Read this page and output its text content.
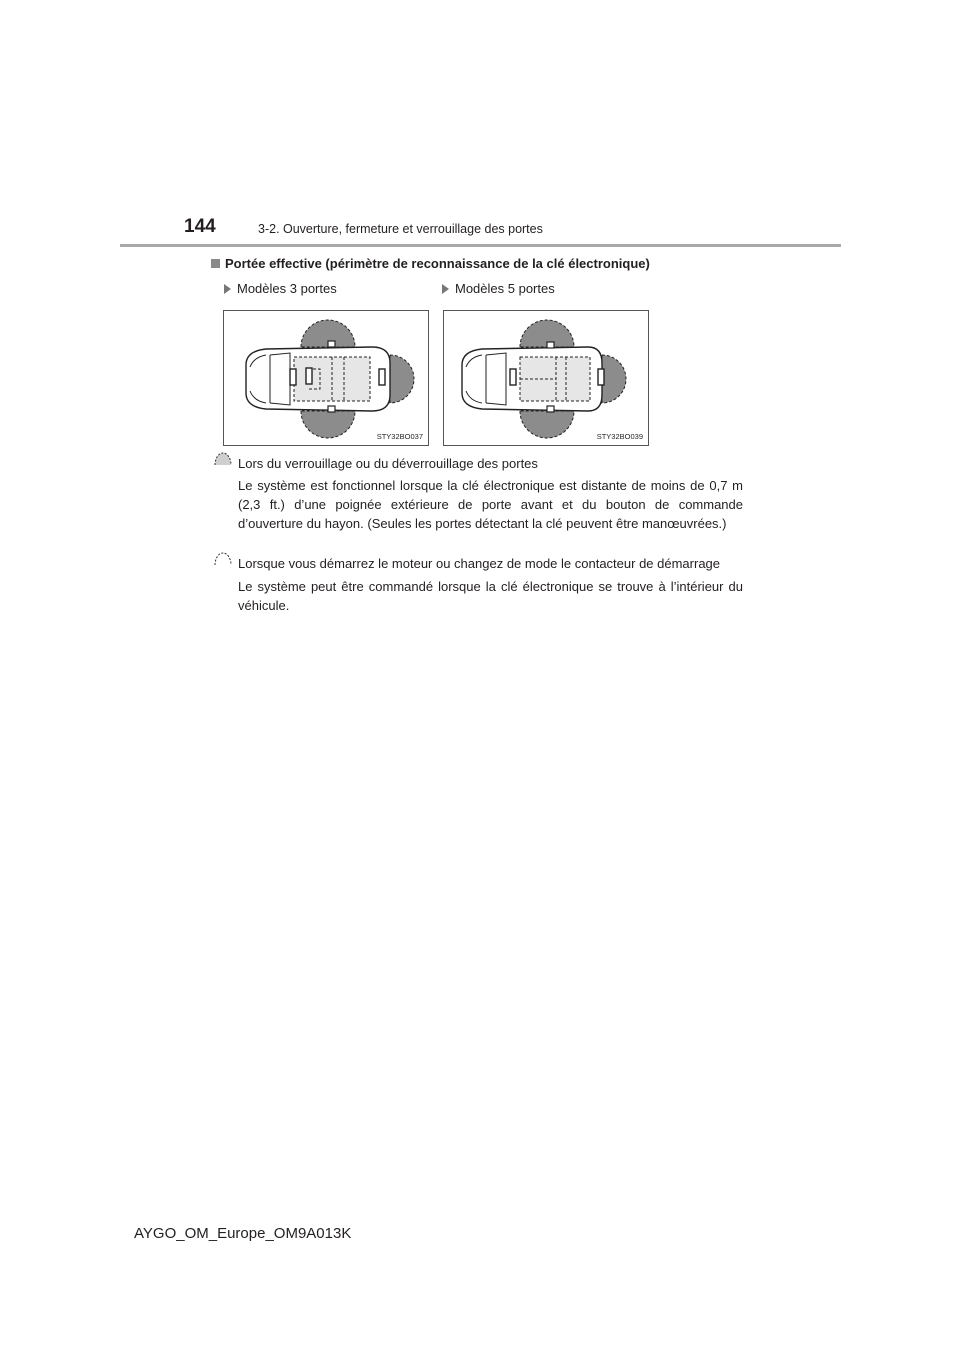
144	3-2. Ouverture, fermeture et verrouillage des portes
Portée effective (périmètre de reconnaissance de la clé électronique)
Modèles 3 portes	Modèles 5 portes
STY32BO037	STY32BO039
Lors du verrouillage ou du déverrouillage des portes
Le système est fonctionnel lorsque la clé électronique est distante de moins de 0,7 m (2,3 ft.) d’une poignée extérieure de porte avant et du bouton de commande d’ouverture du hayon. (Seules les portes détectant la clé peuvent être manœuvrées.)
Lorsque vous démarrez le moteur ou changez de mode le contacteur de démarrage
Le système peut être commandé lorsque la clé électronique se trouve à l’intérieur du véhicule.
AYGO_OM_Europe_OM9A013K
